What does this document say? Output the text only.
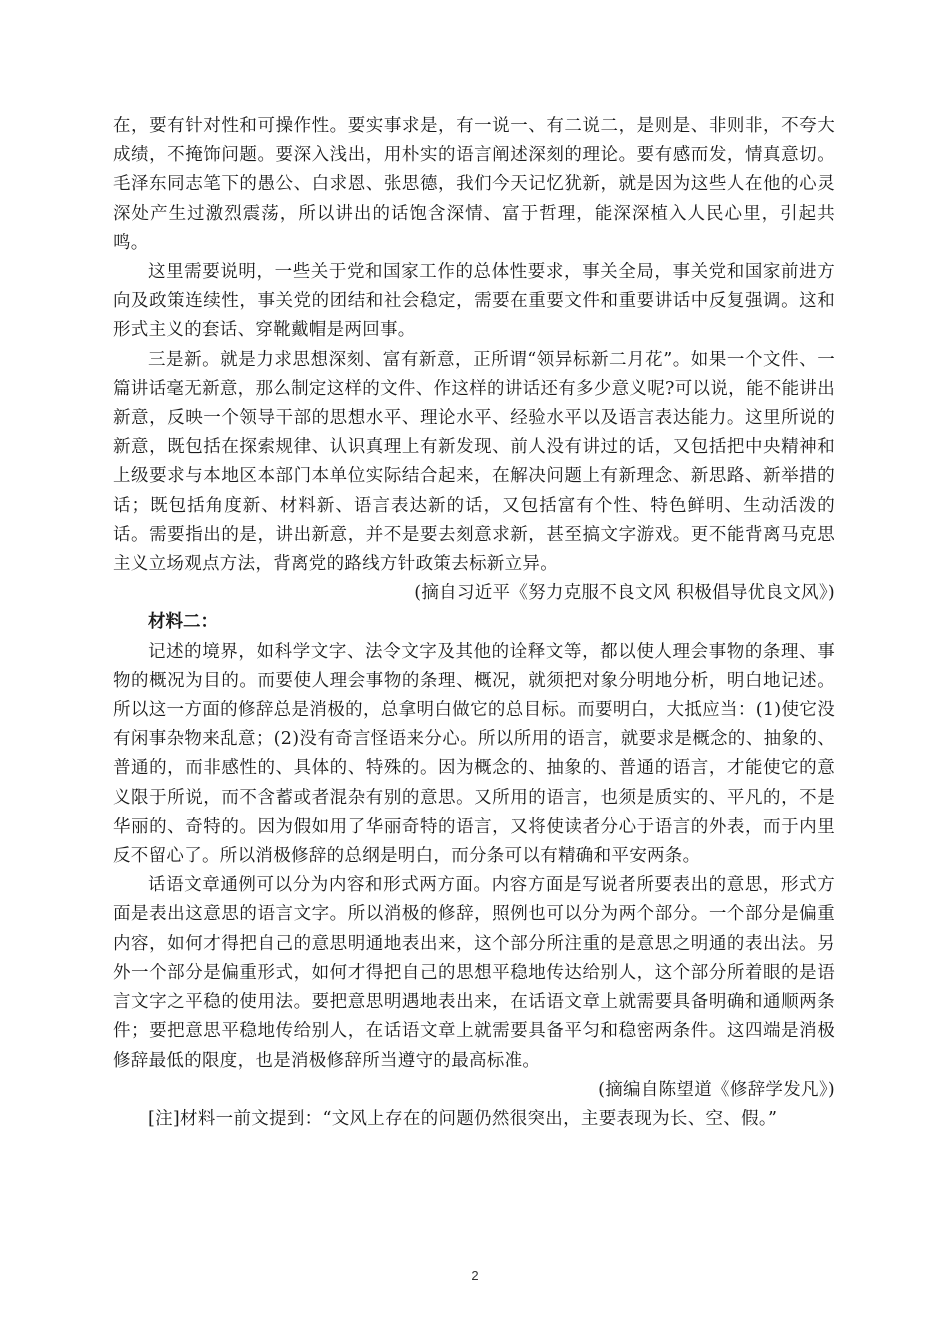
在，要有针对性和可操作性。要实事求是，有一说一、有二说二，是则是、非则非，不夸大成绩，不掩饰问题。要深入浅出，用朴实的语言阐述深刻的理论。要有感而发，情真意切。毛泽东同志笔下的愚公、白求恩、张思德，我们今天记忆犹新，就是因为这些人在他的心灵深处产生过激烈震荡，所以讲出的话饱含深情、富于哲理，能深深植入人民心里，引起共鸣。

这里需要说明，一些关于党和国家工作的总体性要求，事关全局，事关党和国家前进方向及政策连续性，事关党的团结和社会稳定，需要在重要文件和重要讲话中反复强调。这和形式主义的套话、穿靴戴帽是两回事。

三是新。就是力求思想深刻、富有新意，正所谓“领异标新二月花”。如果一个文件、一篇讲话毫无新意，那么制定这样的文件、作这样的讲话还有多少意义呢?可以说，能不能讲出新意，反映一个领导干部的思想水平、理论水平、经验水平以及语言表达能力。这里所说的新意，既包括在探索规律、认识真理上有新发现、前人没有讲过的话，又包括把中央精神和上级要求与本地区本部门本单位实际结合起来，在解决问题上有新理念、新思路、新举措的话；既包括角度新、材料新、语言表达新的话，又包括富有个性、特色鲜明、生动活泼的话。需要指出的是，讲出新意，并不是要去刻意求新，甚至搞文字游戏。更不能背离马克思主义立场观点方法，背离党的路线方针政策去标新立异。

(摘自习近平《努力克服不良文风 积极倡导优良文风》)

材料二：

记述的境界，如科学文字、法令文字及其他的诠释文等，都以使人理会事物的条理、事物的概况为目的。而要使人理会事物的条理、概况，就须把对象分明地分析，明白地记述。所以这一方面的修辞总是消极的，总拿明白做它的总目标。而要明白，大抵应当：(1)使它没有闲事杂物来乱意；(2)没有奇言怪语来分心。所以所用的语言，就要求是概念的、抽象的、普通的，而非感性的、具体的、特殊的。因为概念的、抽象的、普通的语言，才能使它的意义限于所说，而不含蓄或者混杂有别的意思。又所用的语言，也须是质实的、平凡的，不是华丽的、奇特的。因为假如用了华丽奇特的语言，又将使读者分心于语言的外表，而于内里反不留心了。所以消极修辞的总纲是明白，而分条可以有精确和平安两条。

话语文章通例可以分为内容和形式两方面。内容方面是写说者所要表出的意思，形式方面是表出这意思的语言文字。所以消极的修辞，照例也可以分为两个部分。一个部分是偏重内容，如何才得把自己的意思明通地表出来，这个部分所注重的是意思之明通的表出法。另外一个部分是偏重形式，如何才得把自己的思想平稳地传达给别人，这个部分所着眼的是语言文字之平稳的使用法。要把意思明遇地表出来，在话语文章上就需要具备明确和通顺两条件；要把意思平稳地传给别人，在话语文章上就需要具备平匀和稳密两条件。这四端是消极修辞最低的限度，也是消极修辞所当遵守的最高标准。

(摘编自陈望道《修辞学发凡》)

[注]材料一前文提到：“文风上存在的问题仍然很突出，主要表现为长、空、假。”

2
